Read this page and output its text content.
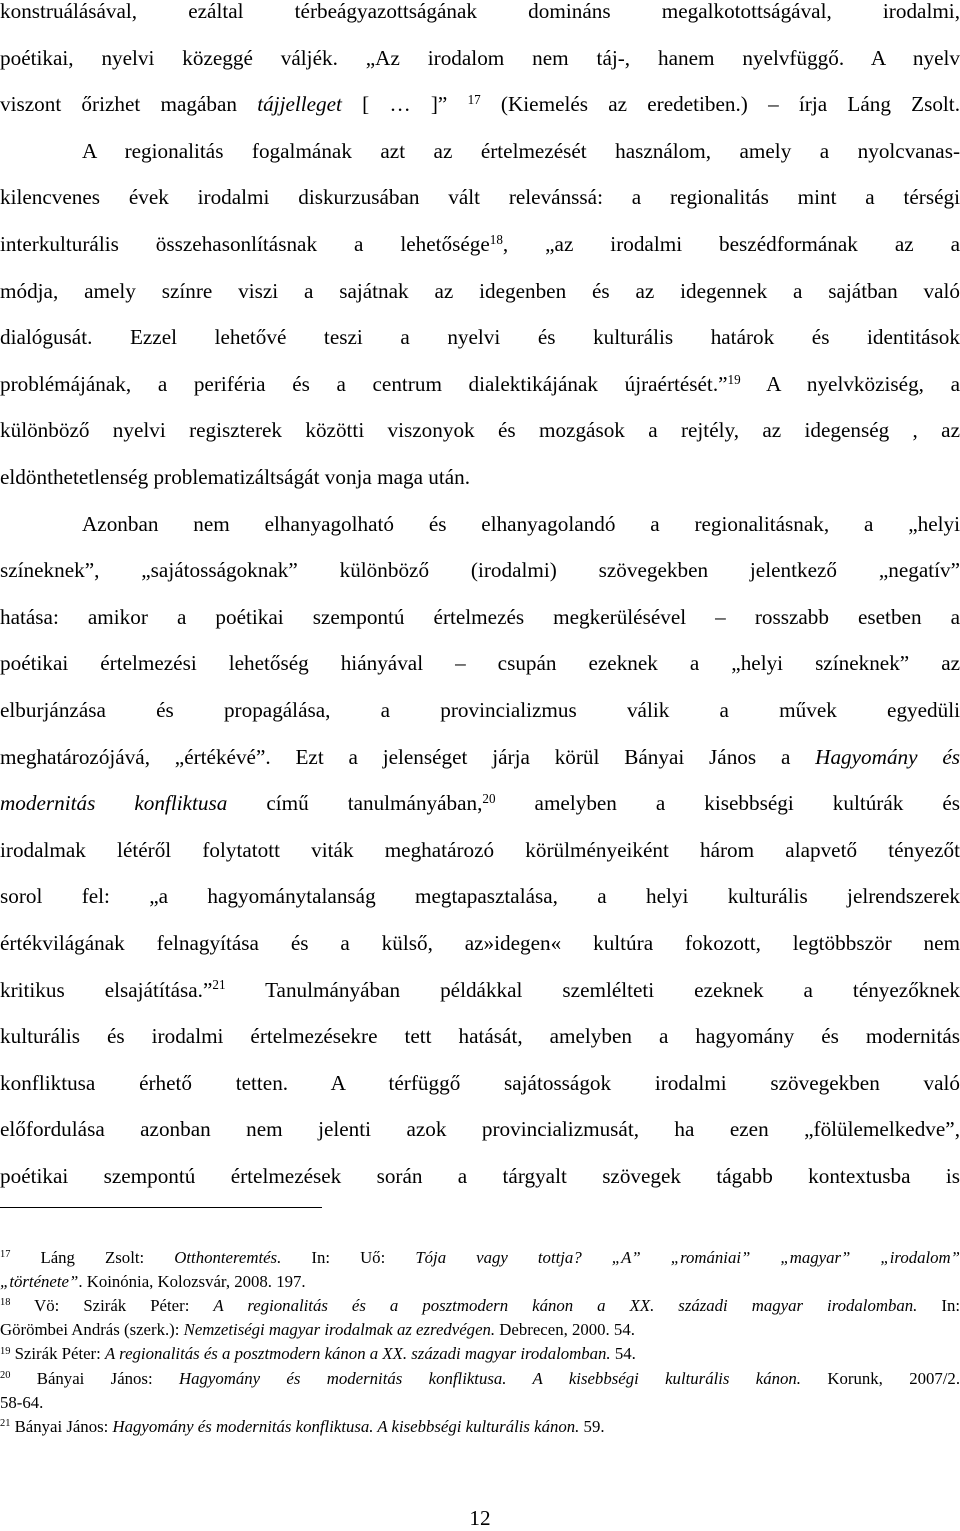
konstruálásával, ezáltal térbeágyazottságának domináns megalkotottságával, irodalmi,
poétikai, nyelvi közeggé váljék. „Az irodalom nem táj-, hanem nyelvfüggő. A nyelv
viszont őrizhet magában tájjelleget [ … ]” $^{17}$ (Kiemelés az eredetiben.) – írja Láng Zsolt.
A regionalitás fogalmának azt az értelmezését használom, amely a nyolcvanas-
kilencvenes évek irodalmi diskurzusában vált relevánssá: a regionalitás mint a térségi
interkulturális összehasonlításnak a lehetősége$^{18}$, „az irodalmi beszédformának az a
módja, amely színre viszi a sajátnak az idegenben és az idegennek a sajátban való
dialógusát. Ezzel lehetővé teszi a nyelvi és kulturális határok és identitások
problémájának, a periféria és a centrum dialektikájának újraértését.”$^{19}$ A nyelvköziség, a
különböző nyelvi regiszterek közötti viszonyok és mozgások a rejtély, az idegenség , az
eldönthetetlenség problematizáltságát vonja maga után.
Azonban nem elhanyagolható és elhanyagolandó a regionalitásnak, a „helyi
színeknek”, „sajátosságoknak” különböző (irodalmi) szövegekben jelentkező „negatív”
hatása: amikor a poétikai szempontú értelmezés megkerülésével – rosszabb esetben a
poétikai értelmezési lehetőség hiányával – csupán ezeknek a „helyi színeknek” az
elburjánzása és propagálása, a provincializmus válik a művek egyedüli
meghatározójává, „értékévé”. Ezt a jelenséget járja körül Bányai János a Hagyomány és
modernitás konfliktusa című tanulmányában,$^{20}$ amelyben a kisebbségi kultúrák és
irodalmak létéről folytatott viták meghatározó körülményeiként három alapvető tényezőt
sorol fel: „a hagyománytalanság megtapasztalása, a helyi kulturális jelrendszerek
értékvilágának felnagyítása és a külső, az»idegen« kultúra fokozott, legtöbbször nem
kritikus elsajátítása.”$^{21}$ Tanulmányában példákkal szemlélteti ezeknek a tényezőknek
kulturális és irodalmi értelmezésekre tett hatását, amelyben a hagyomány és modernitás
konfliktusa érhető tetten. A térfüggő sajátosságok irodalmi szövegekben való
előfordulása azonban nem jelenti azok provincializmusát, ha ezen „fölülemelkedve”,
poétikai szempontú értelmezések során a tárgyalt szövegek tágabb kontextusba is
$^{17}$ Láng Zsolt: Otthonteremtés. In: Uő: Tója vagy tottja? „A” „romániai” „magyar” „irodalom”
„története”. Koinónia, Kolozsvár, 2008. 197.
$^{18}$ Vö: Szirák Péter: A regionalitás és a posztmodern kánon a XX. századi magyar irodalomban. In:
Görömbei András (szerk.): Nemzetiségi magyar irodalmak az ezredvégen. Debrecen, 2000. 54.
$^{19}$ Szirák Péter: A regionalitás és a posztmodern kánon a XX. századi magyar irodalomban. 54.
$^{20}$ Bányai János: Hagyomány és modernitás konfliktusa. A kisebbségi kulturális kánon. Korunk, 2007/2.
58-64.
$^{21}$ Bányai János: Hagyomány és modernitás konfliktusa. A kisebbségi kulturális kánon. 59.
12
